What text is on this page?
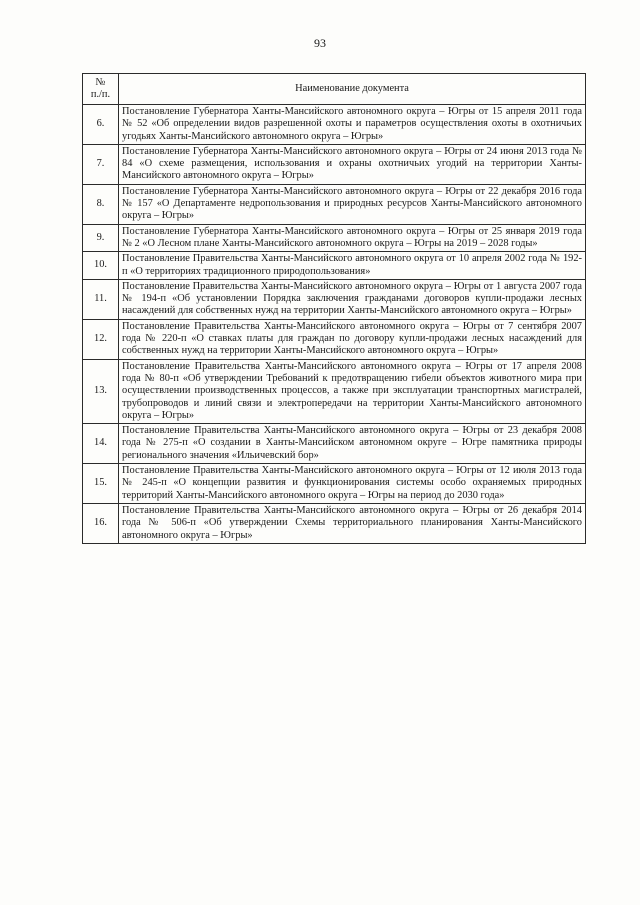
93
№
п./п.	Наименование документа
6.	Постановление Губернатора Ханты-Мансийского автономного округа – Югры от 15 апреля 2011 года № 52 «Об определении видов разрешенной охоты и параметров осуществления охоты в охотничьих угодьях Ханты-Мансийского автономного округа – Югры»
7.	Постановление Губернатора Ханты-Мансийского автономного округа – Югры от 24 июня 2013 года № 84 «О схеме размещения, использования и охраны охотничьих угодий на территории Ханты-Мансийского автономного округа – Югры»
8.	Постановление Губернатора Ханты-Мансийского автономного округа – Югры от 22 декабря 2016 года № 157 «О Департаменте недропользования и природных ресурсов Ханты-Мансийского автономного округа – Югры»
9.	Постановление Губернатора Ханты-Мансийского автономного округа – Югры от 25 января 2019 года № 2 «О Лесном плане Ханты-Мансийского автономного округа – Югры на 2019 – 2028 годы»
10.	Постановление Правительства Ханты-Мансийского автономного округа от 10 апреля 2002 года № 192-п «О территориях традиционного природопользования»
11.	Постановление Правительства Ханты-Мансийского автономного округа – Югры от 1 августа 2007 года № 194-п «Об установлении Порядка заключения гражданами договоров купли-продажи лесных насаждений для собственных нужд на территории Ханты-Мансийского автономного округа – Югры»
12.	Постановление Правительства Ханты-Мансийского автономного округа – Югры от 7 сентября 2007 года № 220-п «О ставках платы для граждан по договору купли-продажи лесных насаждений для собственных нужд на территории Ханты-Мансийского автономного округа – Югры»
13.	Постановление Правительства Ханты-Мансийского автономного округа – Югры от 17 апреля 2008 года № 80-п «Об утверждении Требований к предотвращению гибели объектов животного мира при осуществлении производственных процессов, а также при эксплуатации транспортных магистралей, трубопроводов и линий связи и электропередачи на территории Ханты-Мансийского автономного округа – Югры»
14.	Постановление Правительства Ханты-Мансийского автономного округа – Югры от 23 декабря 2008 года № 275-п «О создании в Ханты-Мансийском автономном округе – Югре памятника природы регионального значения «Ильичевский бор»
15.	Постановление Правительства Ханты-Мансийского автономного округа – Югры от 12 июля 2013 года № 245-п «О концепции развития и функционирования системы особо охраняемых природных территорий Ханты-Мансийского автономного округа – Югры на период до 2030 года»
16.	Постановление Правительства Ханты-Мансийского автономного округа – Югры от 26 декабря 2014 года № 506-п «Об утверждении Схемы территориального планирования Ханты-Мансийского автономного округа – Югры»
